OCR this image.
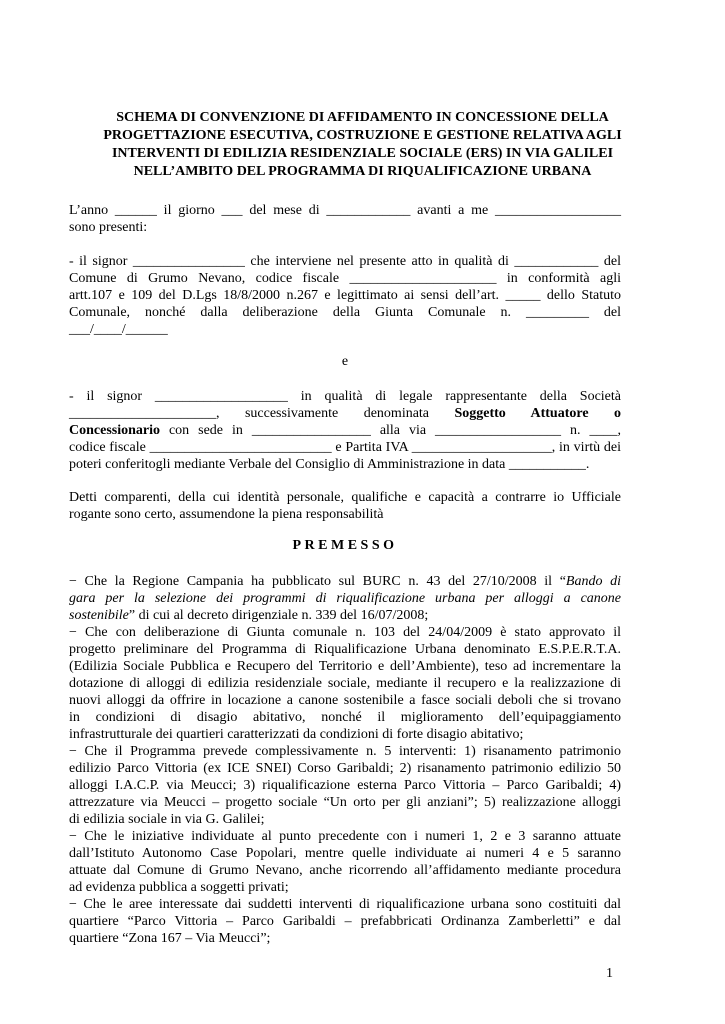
SCHEMA DI CONVENZIONE DI AFFIDAMENTO IN CONCESSIONE DELLA
PROGETTAZIONE ESECUTIVA, COSTRUZIONE E GESTIONE RELATIVA AGLI
INTERVENTI DI EDILIZIA RESIDENZIALE SOCIALE (ERS) IN VIA GALILEI
NELL’AMBITO DEL PROGRAMMA DI RIQUALIFICAZIONE URBANA
L’anno ______ il giorno ___ del mese di ____________ avanti a me __________________
sono presenti:
- il signor ________________ che interviene nel presente atto in qualità di ____________ del
Comune di Grumo Nevano, codice fiscale _____________________ in conformità agli
artt.107 e 109 del D.Lgs 18/8/2000 n.267 e legittimato ai sensi dell’art. _____ dello Statuto
Comunale, nonché dalla deliberazione della Giunta Comunale n. _________ del
___/____/______
e
- il signor ___________________ in qualità di legale rappresentante della Società
_____________________, successivamente denominata Soggetto Attuatore o
Concessionario con sede in _________________ alla via __________________ n. ____,
codice fiscale __________________________ e Partita IVA ____________________, in virtù dei
poteri conferitogli mediante Verbale del Consiglio di Amministrazione in data ___________.
Detti comparenti, della cui identità personale, qualifiche e capacità a contrarre io Ufficiale
rogante sono certo, assumendone la piena responsabilità
PREMESSO
− Che la Regione Campania ha pubblicato sul BURC n. 43 del 27/10/2008 il “Bando di
gara per la selezione dei programmi di riqualificazione urbana per alloggi a canone
sostenibile” di cui al decreto dirigenziale n. 339 del 16/07/2008;
− Che con deliberazione di Giunta comunale n. 103 del 24/04/2009 è stato approvato il
progetto preliminare del Programma di Riqualificazione Urbana denominato E.S.P.E.R.T.A.
(Edilizia Sociale Pubblica e Recupero del Territorio e dell’Ambiente), teso ad incrementare la
dotazione di alloggi di edilizia residenziale sociale, mediante il recupero e la realizzazione di
nuovi alloggi da offrire in locazione a canone sostenibile a fasce sociali deboli che si trovano
in condizioni di disagio abitativo, nonché il miglioramento dell’equipaggiamento
infrastrutturale dei quartieri caratterizzati da condizioni di forte disagio abitativo;
− Che il Programma prevede complessivamente n. 5 interventi: 1) risanamento patrimonio
edilizio Parco Vittoria (ex ICE SNEI) Corso Garibaldi; 2) risanamento patrimonio edilizio 50
alloggi I.A.C.P. via Meucci; 3) riqualificazione esterna Parco Vittoria – Parco Garibaldi; 4)
attrezzature via Meucci – progetto sociale “Un orto per gli anziani”; 5) realizzazione alloggi
di edilizia sociale in via G. Galilei;
− Che le iniziative individuate al punto precedente con i numeri 1, 2 e 3 saranno attuate
dall’Istituto Autonomo Case Popolari, mentre quelle individuate ai numeri 4 e 5 saranno
attuate dal Comune di Grumo Nevano, anche ricorrendo all’affidamento mediante procedura
ad evidenza pubblica a soggetti privati;
− Che le aree interessate dai suddetti interventi di riqualificazione urbana sono costituiti dal
quartiere “Parco Vittoria – Parco Garibaldi – prefabbricati Ordinanza Zamberletti” e dal
quartiere “Zona 167 – Via Meucci”;
1
